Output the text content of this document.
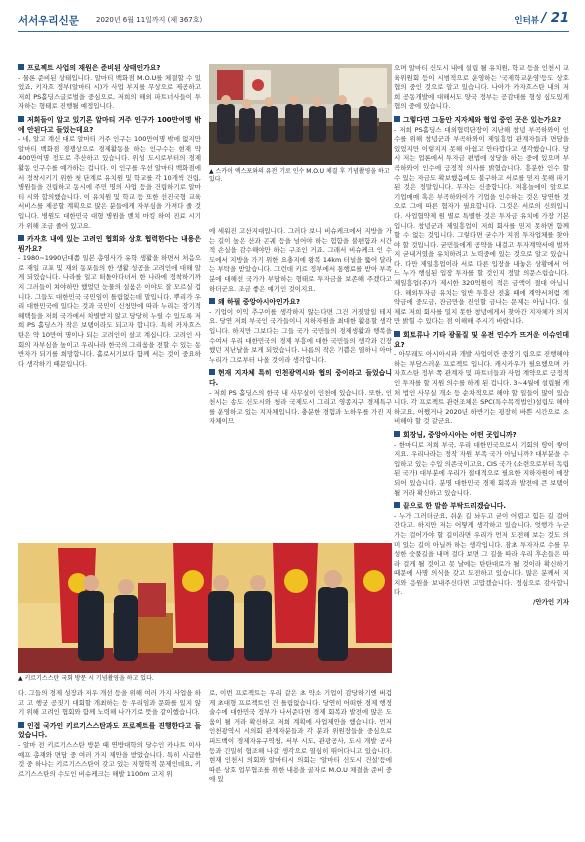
서서우리신문 2020년 6월 11일까지 (제 367호)	인터뷰 / 21

프로젝트 사업의 재원은 준비된 상태인가요?

- 물론 준비된 상태입니다. 알마티 백화점 M.O.U를 체결할 수 있었죠, 키자흐 정부(알마티 시)가 사업 부지를 무상으로 제공하고 저희 PS홀딩스글로벌을 중심으로, 저희의 해외 파트너사들이 투자하는 형태로 진행될 예정입니다.

저희들이 알고 있기론 알마티 거주 인구가 100만여명 밖에 안된다고 들었는데요?

- 네, 알고 계신 대로 알마티 거주 인구는 100만여명 밖에 없지만 알마티 백화점 경쟁상으로 경제활동을 하는 인구수는 현재 약 400만여명 정도로 추산하고 있습니다. 위성 도시로부터의 경제활동 인구수를 예가하는 겁니다. 이 인구를 우선 알마티 백화점에서 정착시키기 위한 첫 단계로 유치원 및 학교를 각 10개씩 건립, 병원들을 건립하고 동시에 주민 명의 사업 등을 건립하기로 알마티 시와 합의했습니다. 이 유치원 및 학교 등 또한 선진국형 교육 서비스를 제공할 계획으로 많은 분들에게 자부심을 가져다 줄 것입니다. 병원도 대한민국 대형 병원을 벤치 마킹 하여 진료 시기가 위해 조금 줄어 있고요.

카자흐 내에 있는 고려인 협회와 상호 협력한다는 내용은 뭔가요?

- 1980~1990년대쯤 일본 총영사가 유학 생활을 하면서 처음으로 재일 교포 및 재외 동포들의 한 생활 성공을 고려인에 대해 알게 되었습니다. 나라를 일고 떠돌아다녀서 한 나라에 정착하기까지 그러들이 쳐야하만 했었던 눈물의 설움은 이야도 잘 모르실 겁니다. 그들도 대한민국 국민임이 틀림없는데 말입니다. 뿌리가 우리 대한민국에 있다는 것과 국민이 신청만에 따라 누리는 장기적 혜택들을 저희 국가에서 차별받지 않고 당당히 누릴 수 있도록 저희 PS 홀딩스가 작은 보탬이라도 되고자 합니다. 특히 카자흐스탄은 약 10만여 명이나 되는 고려인이 살고 계십니다. 고려인 사회의 자부심을 높이고 우리나라 한국의 그리움을 전할 수 있는 동반자가 되기를 희망합니다. 홀로서기보다 함께 서는 것이 중요하다 생각하기 때문입니다.

▲ 스카이 엑스포와의 유전 기로 인수 M.O.U 체결 후 기념촬영을 하고 있다.

에 세워진 고산지대입니다. 그러다 보니 비슈케크에서 지방을 가는 길이 높은 산과 곤궤 등을 넘어야 하는 험함을 불편함과 시간적 손실을 감수해야만 하는 구조인 거죠. 그래서 비슈케크 인 수도에서 지방을 가기 위한 요충지에 왕복 14km 터널을 뚫어 달라는 부탁을 받았습니다. 그런데 키르 정부에서 통행료를 받아 부족분에 대해선 국가가 부담하는 형태로 투자금을 보존해 주겠다고 하더군요. 조금 좋은 얘기인 것이지요.

왜 하필 중앙아시아인가요?

- 기업이 이익 추구이를 생각하지 않는다면 그건 거짓말일 테지요. 당연 저희 부국인 국가들이니 지하자원을 최대한 활용할 생각입니다. 하지만 그보다는 그들 국가 국민들의 경제생활과 행복을 수여서 우리 대한민국의 경제 부흥에 대한 국민들의 생각과 긴장했던 지난날을 보게 되었습니다. 나름의 작은 기쁨은 열하니 아마 누리가 그로부터 나올 것이라 생각합니다.

현재 지자체 특히 인천광역시와 협의 중이라고 들었습니다.

- 저희 PS 홀딩스의 한국 내 사무실이 인천에 있습니다. 또한, 인천시는 송도 신도시와 청라 국제도시 그리고 영종지구 경제특구를 운영하고 있는 지자체입니다. 충분한 경험과 노하우를 가진 지자체이므

으며 알마티 신도시 내에 설립 될 유치원, 학교 등을 인천시 교육위원회 등이 시범적으로 운영하는 '국제학교운영'등도 상호 협의 중인 것으로 알고 있습니다. 나아가 카자흐스탄 내의 저희 공동개발에 대해서도 양국 정부는 공감대를 형성 심도있게 협의 중에 있습니다.

그렇다면 그동안 지자체와 협업 중인 곳은 있는가요?

- 저희 PS홀딩스 대외협력단장이 지난해 창녕 부곡하와이 인수를 위해 창녕군과 부곡하와이 제일흥업 관계자들과 면담을 있었지만 이렇지지 못해 아쉽고 안타깝다고 생각했습니다. 당시 저는 업론에서 투자금 편법에 상당을 하는 중에 있으며 부곡하와이 인수에 긍정적 의사를 밝혔습니다. 흥분한 인수 할 수 있는 자금도 확보했음에도 불구하고 서로를 믿지 못해 파기된 것은 정말입니다. 무자는 신중합니다. 저홍놀에이 앞으로 기업매매 혹은 부곡하와이가 기업을 인수하는 것은 당연한 것으로 그에 따른 협자가 필요합니다. 그것은 서로의 신뢰입니다. 사업협약제 원 별로 특별한 것은 투자금 유치에 가장 기본입니다. 창녕군과 제일흥업이 저희 회사를 믿지 못하면 함께 할 수 없는 것입니다. 그렇다면 굳수가 지점 투자업체를 찾아야 할 것입니다. 굳민들에게 공약을 내걸고 투자계약서에 벌까지 굳내거였을 유치하려고 노력중에 있는 것으로 알고 있습니다. 다만 제일흥업이라 서로 다른 입장을 내놓은 상황에서 어느 누가 행심된 입장 투자를 할 것인지 정말 의문스럽습니다. 제일흥업(주)가 제시한 320억원이 적은 금액이 절대 아닙니다. 해외투자금 유치는 일반 투흥산 전흘 때에 계약서처럼 계약금에 중도금, 잔금만을 진인할 금나는 문제는 아닙니다. 실제로 저희 회사를 밀지 못한 창녕에게서 찾아간 지자체가 의지만 밝힐 수 있다는 점 이해해 주시기 바랍니다.

회토류나 기타 광물질 및 유전 인수가 뜨거운 이슈인데요?

- 아무래도 아시아시파 개발 사업이란 중장기 립으로 진행해야 하는 부담스러운 프로젝트 입니다. 캐시카우가 필요했으며 카자흐스탄 정부 쪽 관계자 및 파트너들과 사업 계약으로 긍정적인 투자를 할 지원 의수를 하게 된 겁니다. 3~4월에 설립될 캐처 법인 사무실 개소 등 순차적으로 해야 할 일들이 많이 있습니다. 각 프로젝트 관련조체은 SPC(특수목적법인)설립도 해야 하고요, 어쨌거나 2020년 하반기는 굉장히 바쁜 시간으로 소비해야 할 것 같군요.

회장님, 중앙아시아는 어떤 곳입니까?

- 한마디로 저희 부국, 우리 대한민국으로서 기회의 땅이 쌓이지요. 우리나라는 정작 자원 부족 국가 아닙니까? 대부분을 수입하고 있는 수입 의존국이고요, CIS 국가 (소련으로부터 독립된 국가) 대부분에 우리가 절대적으로 필요한 지하자원이 매장되어 있습니다. 분명 대한민국 경제 회복과 발전에 큰 보탬이 될 거라 확신하고 있습니다.

끝으로 한 말씀 부탁드리겠습니다.

- 누가 그러더군요, 쉬운 길 놔두고 굳이 어렵고 힘든 길 걸어간다고. 하지만 저는 어떻게 생각하고 있습니다. 엇행가 누군가는 걸어가야 할 길이라면 우리가 먼저 도전해 보는 것도 의미 있는 길이 아닐까 하는 생각입니다. 잠초 투자자로 수를 무성한 숫풀길을 내며 걸다 보면 그 길을 따라 우리 후손들은 따라 걸게 될 것이고 못 날에는 탄탄대로가 될 것이라 확신하기 때문에 사명 의식을 갖고 도전하고 있습니다. 많은 분께서 지지와 응원을 보내주신다면 고맙겠습니다. 정심으로 감사합니다.

/안가인 기자

▲ 키르기스스탄 국회 방문 시 기념촬영을 하고 있다.

다. 그들의 경제 성장과 저우 개선 등을 위해 여러 가지 사업을 하고 고 행궁 공짓기 대회할 개최하는 등 우리임과 문화를 있지 않기 위해 고려인 협회와 함께 노력해 나가기로 뜻을 같이했습니다.

인접 국가인 키르기스스탄과도 프로젝트를 진행한다고 들었습니다.

- 알마 전 키르기스스탄 방문 때 연방대학의 당수인 카나트 이사예프 총재와 면담 중 여러 가지 제안을 받았습니다. 특히 시급한 것 중 하나는 키르기스스탄이 갖고 있는 지형학적 문제인데요, 키르기스스탄의 수도인 비슈케크는 해발 1100m 고지 위

로, 이번 프로젝트는 우리 같은 초 약소 기업이 감당하기엔 버겁게 초대형 프로젝트인 건 틀림없습니다. 당연히 어떠한 경제 행정 술수에 대한민국 정부가 나서준다면 경제 회복과 발전에 많은 도움이 될 거라 확신하고 저희 계획에 사업제안을 했습니다. 먼저 인천광역시 시의회 관계자분들과 각 분과 위원장들을 중심으로 피드백이 경제자유구역청, 서부 시도, 관광공사, 도시 개발 공사 등과 긴밀히 협조해 나갈 생각으로 열심히 뛰어다니고 있습니다. 현재 인천시 의회와 알마티시 의회는 '알마티 신도시 건설'등에 따른 상호 업무협조를 위한 내용을 골자로 M.O.U 체결을 준비 중에 있
